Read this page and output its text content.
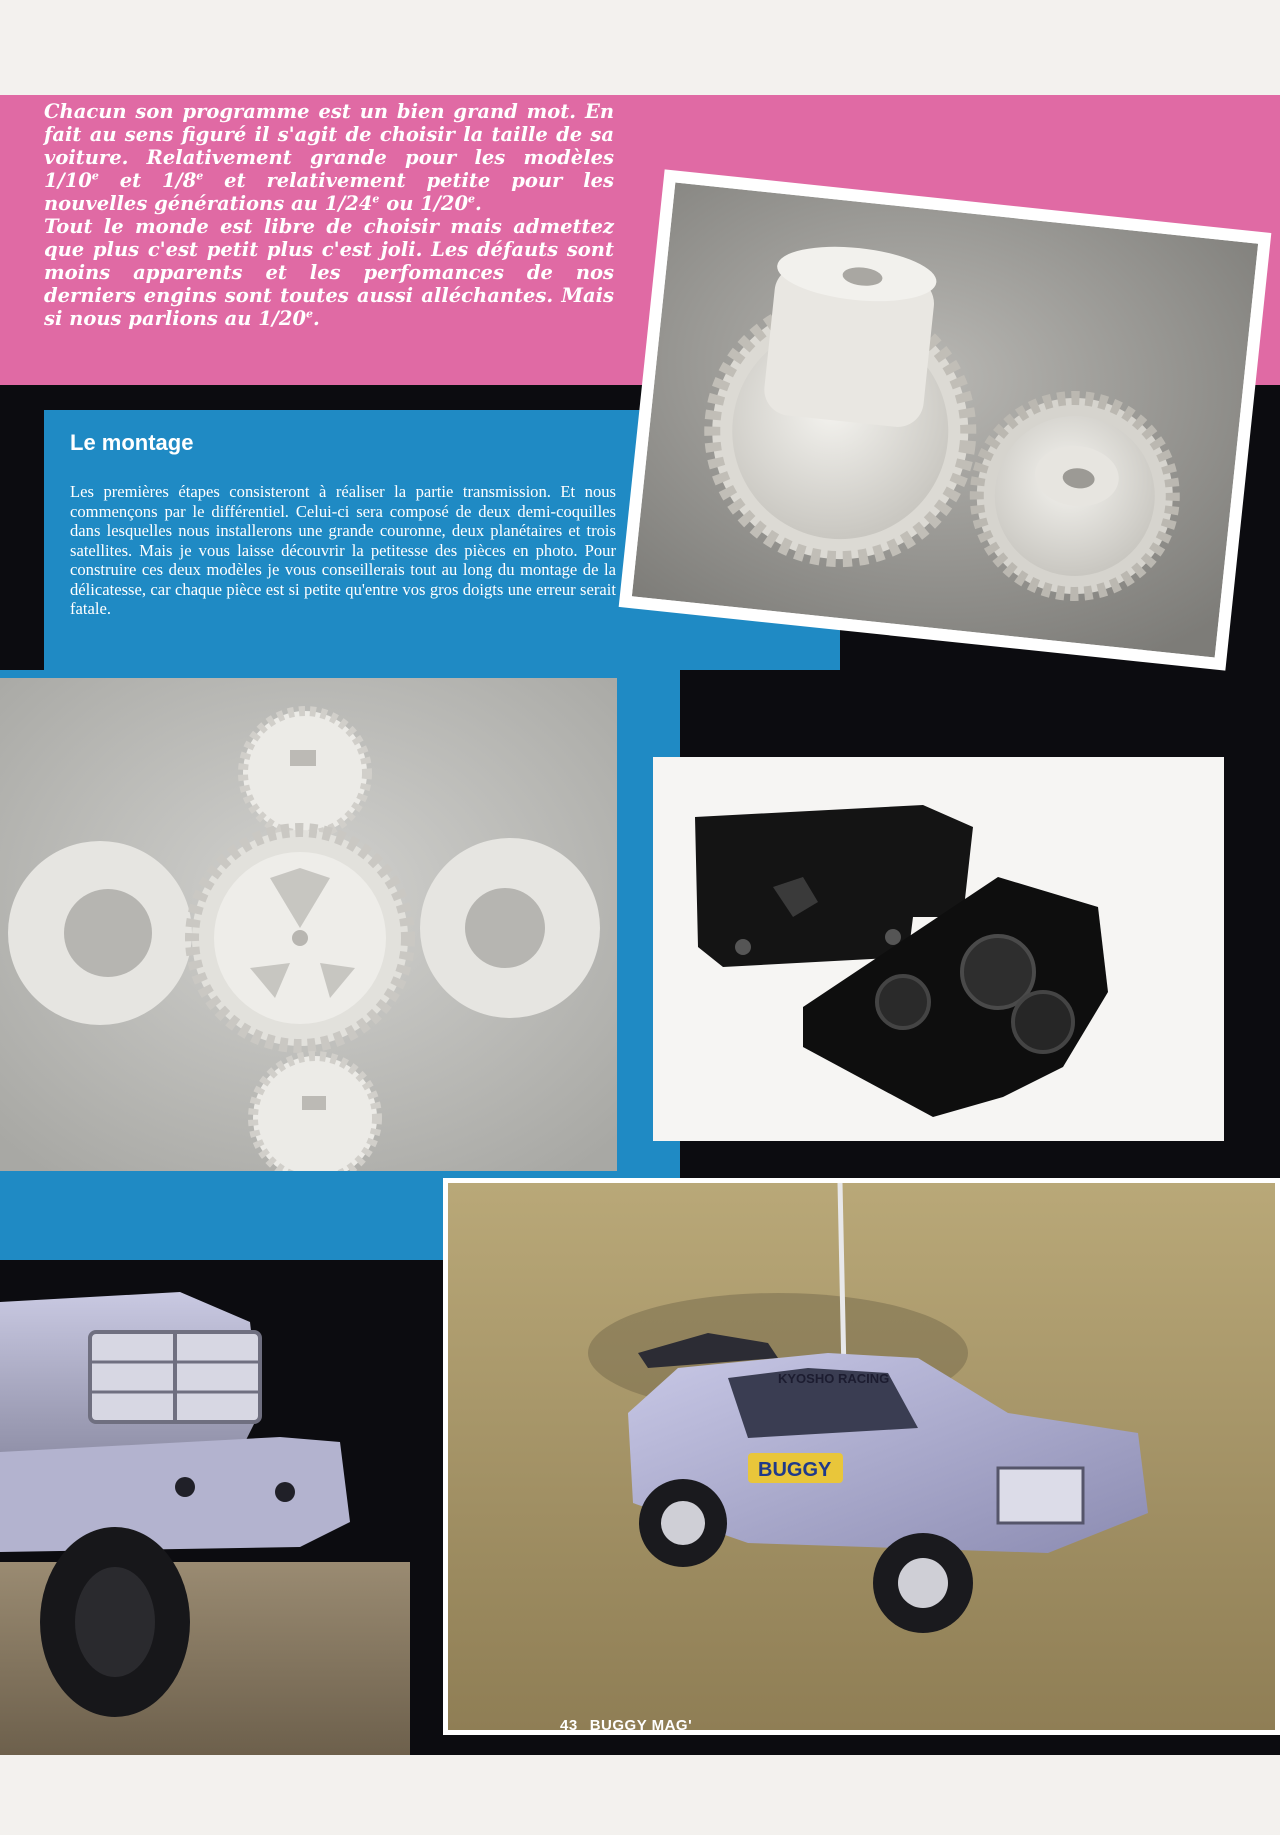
Chacun son programme est un bien grand mot. En fait au sens figuré il s'agit de choisir la taille de sa voiture. Relativement grande pour les modèles 1/10e et 1/8e et relativement petite pour les nouvelles générations au 1/24e ou 1/20e.

Tout le monde est libre de choisir mais admettez que plus c'est petit plus c'est joli. Les défauts sont moins apparents et les perfomances de nos derniers engins sont toutes aussi alléchantes. Mais si nous parlions au 1/20e.

Le montage

Les premières étapes consisteront à réaliser la partie transmission. Et nous commençons par le différentiel. Celui-ci sera composé de deux demi-coquilles dans lesquelles nous installerons une grande couronne, deux planétaires et trois satellites. Mais je vous laisse découvrir la petitesse des pièces en photo. Pour construire ces deux modèles je vous conseillerais tout au long du montage de la délicatesse, car chaque pièce est si petite qu'entre vos gros doigts une erreur serait fatale.

KYOSHO RACING
BUGGY

43 BUGGY MAG'
